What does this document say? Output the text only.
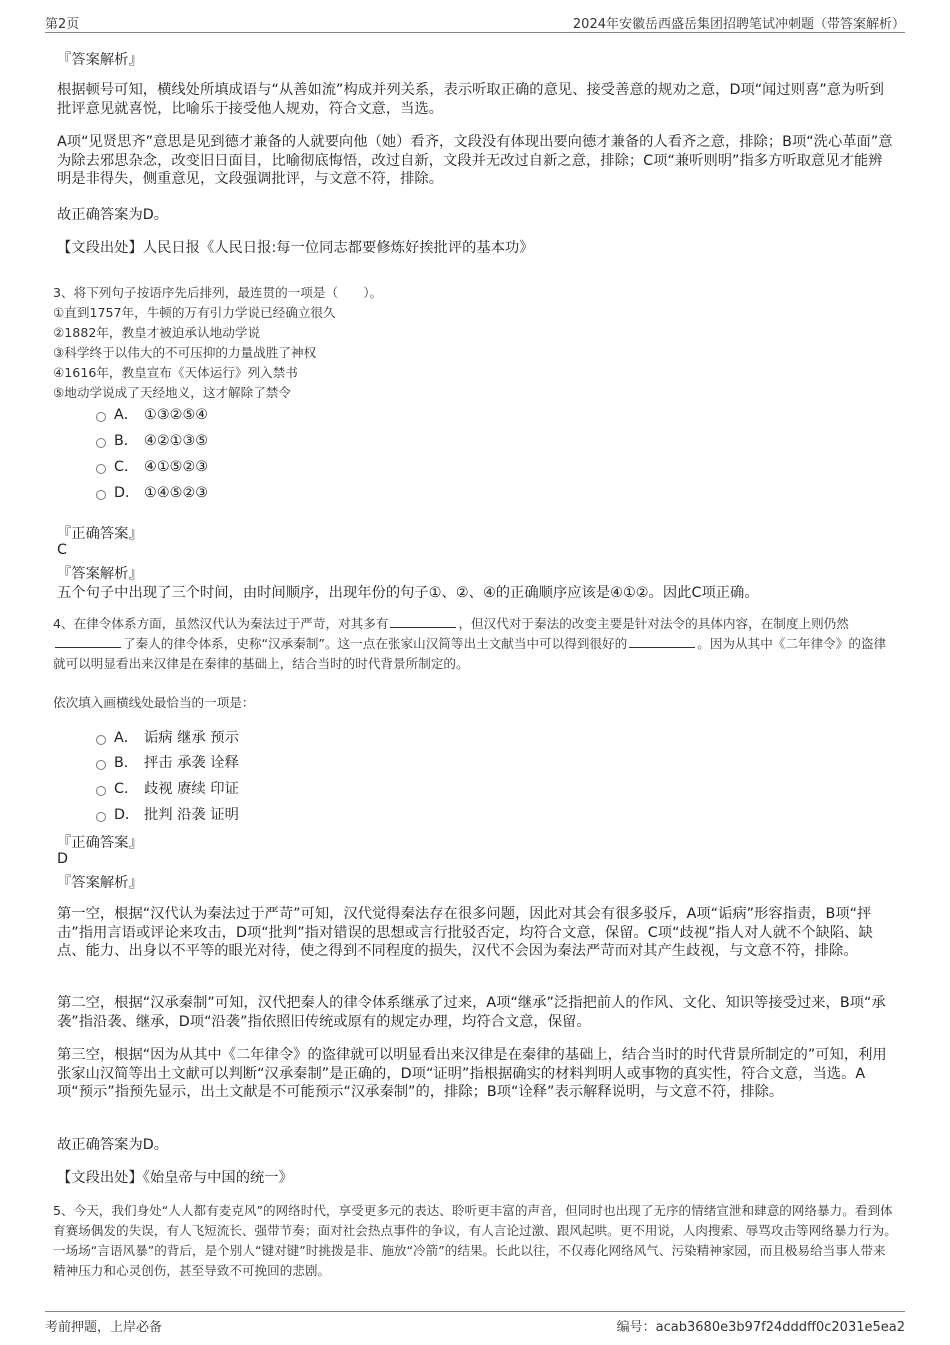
第2页	2024年安徽岳西盛岳集团招聘笔试冲刺题（带答案解析）
『答案解析』
根据顿号可知，横线处所填成语与“从善如流”构成并列关系，表示听取正确的意见、接受善意的规劝之意，D项“闻过则喜”意为听到批评意见就喜悦，比喻乐于接受他人规劝，符合文意，当选。
A项“见贤思齐”意思是见到德才兼备的人就要向他（她）看齐，文段没有体现出要向德才兼备的人看齐之意，排除；B项“洗心革面”意为除去邪思杂念，改变旧日面目，比喻彻底悔悟，改过自新，文段并无改过自新之意，排除；C项“兼听则明”指多方听取意见才能辨明是非得失，侧重意见，文段强调批评，与文意不符，排除。
故正确答案为D。
【文段出处】人民日报《人民日报:每一位同志都要修炼好挨批评的基本功》
3、将下列句子按语序先后排列，最连贯的一项是（　　）。
①直到1757年，牛顿的万有引力学说已经确立很久
②1882年，教皇才被迫承认地动学说
③科学终于以伟大的不可压抑的力量战胜了神权
④1616年，教皇宣布《天体运行》列入禁书
⑤地动学说成了天经地义，这才解除了禁令
A． ①③②⑤④
B． ④②①③⑤
C． ④①⑤②③
D． ①④⑤②③
『正确答案』
C
『答案解析』
五个句子中出现了三个时间，由时间顺序，出现年份的句子①、②、④的正确顺序应该是④①②。因此C项正确。
4、在律令体系方面，虽然汉代认为秦法过于严苛，对其多有	，但汉代对于秦法的改变主要是针对法令的具体内容，在制度上则仍然了秦人的律令体系，史称“汉承秦制”。这一点在张家山汉简等出土文献当中可以得到很好的	。因为从其中《二年律令》的盗律就可以明显看出来汉律是在秦律的基础上，结合当时的时代背景所制定的。
依次填入画横线处最恰当的一项是：
A． 诟病 继承 预示
B． 抨击 承袭 诠释
C． 歧视 赓续 印证
D． 批判 沿袭 证明
『正确答案』
D
『答案解析』
第一空，根据“汉代认为秦法过于严苛”可知，汉代觉得秦法存在很多问题，因此对其会有很多驳斥，A项“诟病”形容指责，B项“抨击”指用言语或评论来攻击，D项“批判”指对错误的思想或言行批驳否定，均符合文意，保留。C项“歧视”指人对人就不个缺陷、缺点、能力、出身以不平等的眼光对待，使之得到不同程度的损失，汉代不会因为秦法严苛而对其产生歧视，与文意不符，排除。
第二空，根据“汉承秦制”可知，汉代把秦人的律令体系继承了过来，A项“继承”泛指把前人的作风、文化、知识等接受过来，B项“承袭”指沿袭、继承，D项“沿袭”指依照旧传统或原有的规定办理，均符合文意，保留。
第三空，根据“因为从其中《二年律令》的盗律就可以明显看出来汉律是在秦律的基础上，结合当时的时代背景所制定的”可知，利用张家山汉简等出土文献可以判断“汉承秦制”是正确的，D项“证明”指根据确实的材料判明人或事物的真实性，符合文意，当选。A项“预示”指预先显示，出土文献是不可能预示“汉承秦制”的，排除；B项“诠释”表示解释说明，与文意不符，排除。
故正确答案为D。
【文段出处】《始皇帝与中国的统一》
5、今天，我们身处“人人都有麦克风”的网络时代，享受更多元的表达、聆听更丰富的声音，但同时也出现了无序的情绪宣泄和肆意的网络暴力。看到体育赛场偶发的失误，有人飞短流长、强带节奏；面对社会热点事件的争议，有人言论过激、跟风起哄。更不用说，人肉搜索、辱骂攻击等网络暴力行为。一场场“言语风暴”的背后，是个别人“键对键”时挑拨是非、施放“冷箭”的结果。长此以往，不仅毒化网络风气、污染精神家园，而且极易给当事人带来精神压力和心灵创伤，甚至导致不可挽回的悲剧。
考前押题，上岸必备	编号：acab3680e3b97f24dddff0c2031e5ea2
